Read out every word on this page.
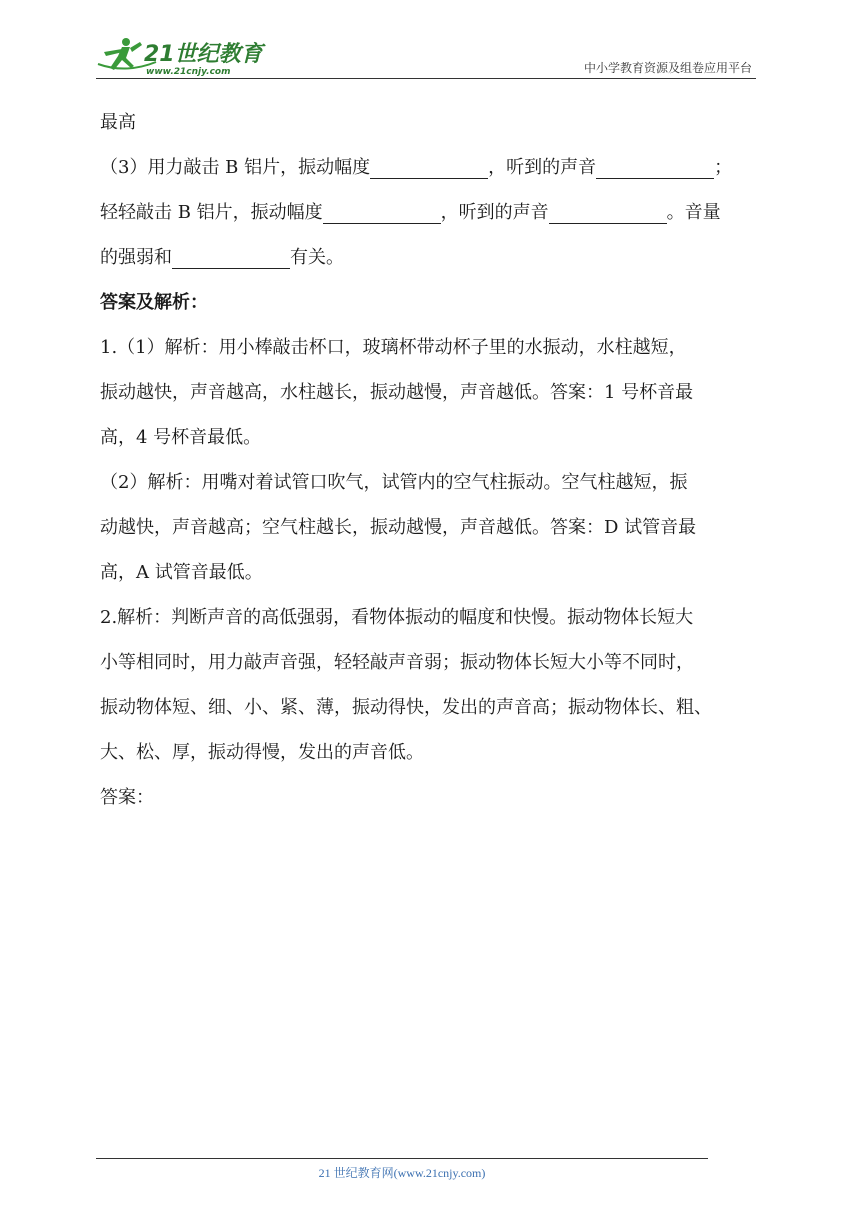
21世纪教育
www.21cnjy.com	中小学教育资源及组卷应用平台
最高
（3）用力敲击 B 铝片，振动幅度	，听到的声音	；
轻轻敲击 B 铝片，振动幅度	，听到的声音	。音量
的强弱和	有关。
答案及解析：
1.（1）解析：用小棒敲击杯口，玻璃杯带动杯子里的水振动，水柱越短，
振动越快，声音越高，水柱越长，振动越慢，声音越低。答案：1 号杯音最
高，4 号杯音最低。
（2）解析：用嘴对着试管口吹气，试管内的空气柱振动。空气柱越短，振
动越快，声音越高；空气柱越长，振动越慢，声音越低。答案：D 试管音最
高，A 试管音最低。
2.解析：判断声音的高低强弱，看物体振动的幅度和快慢。振动物体长短大
小等相同时，用力敲声音强，轻轻敲声音弱；振动物体长短大小等不同时，
振动物体短、细、小、紧、薄，振动得快，发出的声音高；振动物体长、粗、
大、松、厚，振动得慢，发出的声音低。
答案：
21 世纪教育网(www.21cnjy.com)
